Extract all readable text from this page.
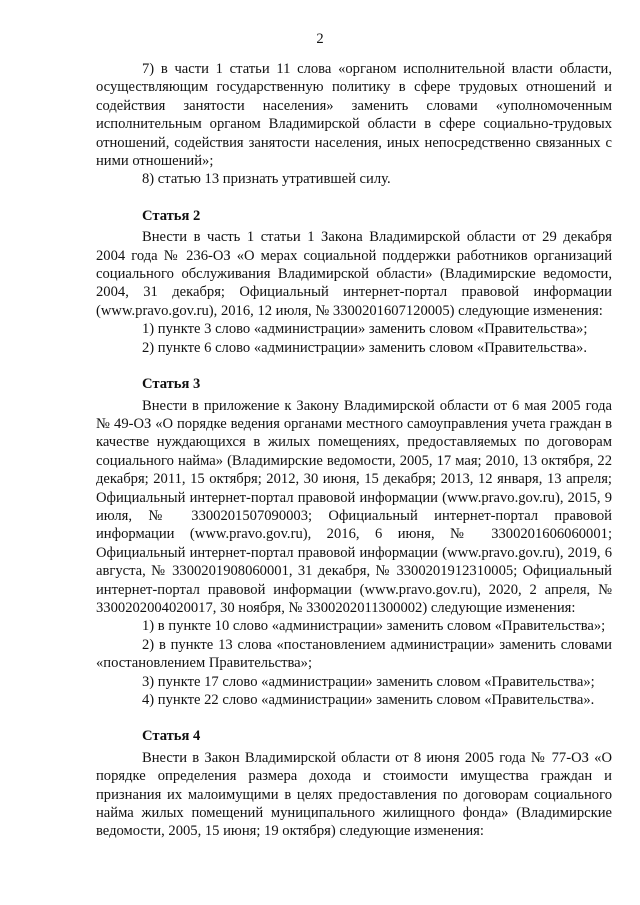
2

7) в части 1 статьи 11 слова «органом исполнительной власти области, осуществляющим государственную политику в сфере трудовых отношений и содействия занятости населения» заменить словами «уполномоченным исполнительным органом Владимирской области в сфере социально-трудовых отношений, содействия занятости населения, иных непосредственно связанных с ними отношений»;

8) статью 13 признать утратившей силу.

Статья 2

Внести в часть 1 статьи 1 Закона Владимирской области от 29 декабря 2004 года № 236-ОЗ «О мерах социальной поддержки работников организаций социального обслуживания Владимирской области» (Владимирские ведомости, 2004, 31 декабря; Официальный интернет-портал правовой информации (www.pravo.gov.ru), 2016, 12 июля, № 3300201607120005) следующие изменения:

1) пункте 3 слово «администрации» заменить словом «Правительства»;

2) пункте 6 слово «администрации» заменить словом «Правительства».

Статья 3

Внести в приложение к Закону Владимирской области от 6 мая 2005 года № 49-ОЗ «О порядке ведения органами местного самоуправления учета граждан в качестве нуждающихся в жилых помещениях, предоставляемых по договорам социального найма» (Владимирские ведомости, 2005, 17 мая; 2010, 13 октября, 22 декабря; 2011, 15 октября; 2012, 30 июня, 15 декабря; 2013, 12 января, 13 апреля; Официальный интернет-портал правовой информации (www.pravo.gov.ru), 2015, 9 июля, № 3300201507090003; Официальный интернет-портал правовой информации (www.pravo.gov.ru), 2016, 6 июня, № 3300201606060001; Официальный интернет-портал правовой информации (www.pravo.gov.ru), 2019, 6 августа, № 3300201908060001, 31 декабря, № 3300201912310005; Официальный интернет-портал правовой информации (www.pravo.gov.ru), 2020, 2 апреля, № 3300202004020017, 30 ноября, № 3300202011300002) следующие изменения:

1) в пункте 10 слово «администрации» заменить словом «Правительства»;

2) в пункте 13 слова «постановлением администрации» заменить словами «постановлением Правительства»;

3) пункте 17 слово «администрации» заменить словом «Правительства»;

4) пункте 22 слово «администрации» заменить словом «Правительства».

Статья 4

Внести в Закон Владимирской области от 8 июня 2005 года № 77-ОЗ «О порядке определения размера дохода и стоимости имущества граждан и признания их малоимущими в целях предоставления по договорам социального найма жилых помещений муниципального жилищного фонда» (Владимирские ведомости, 2005, 15 июня; 19 октября) следующие изменения:
